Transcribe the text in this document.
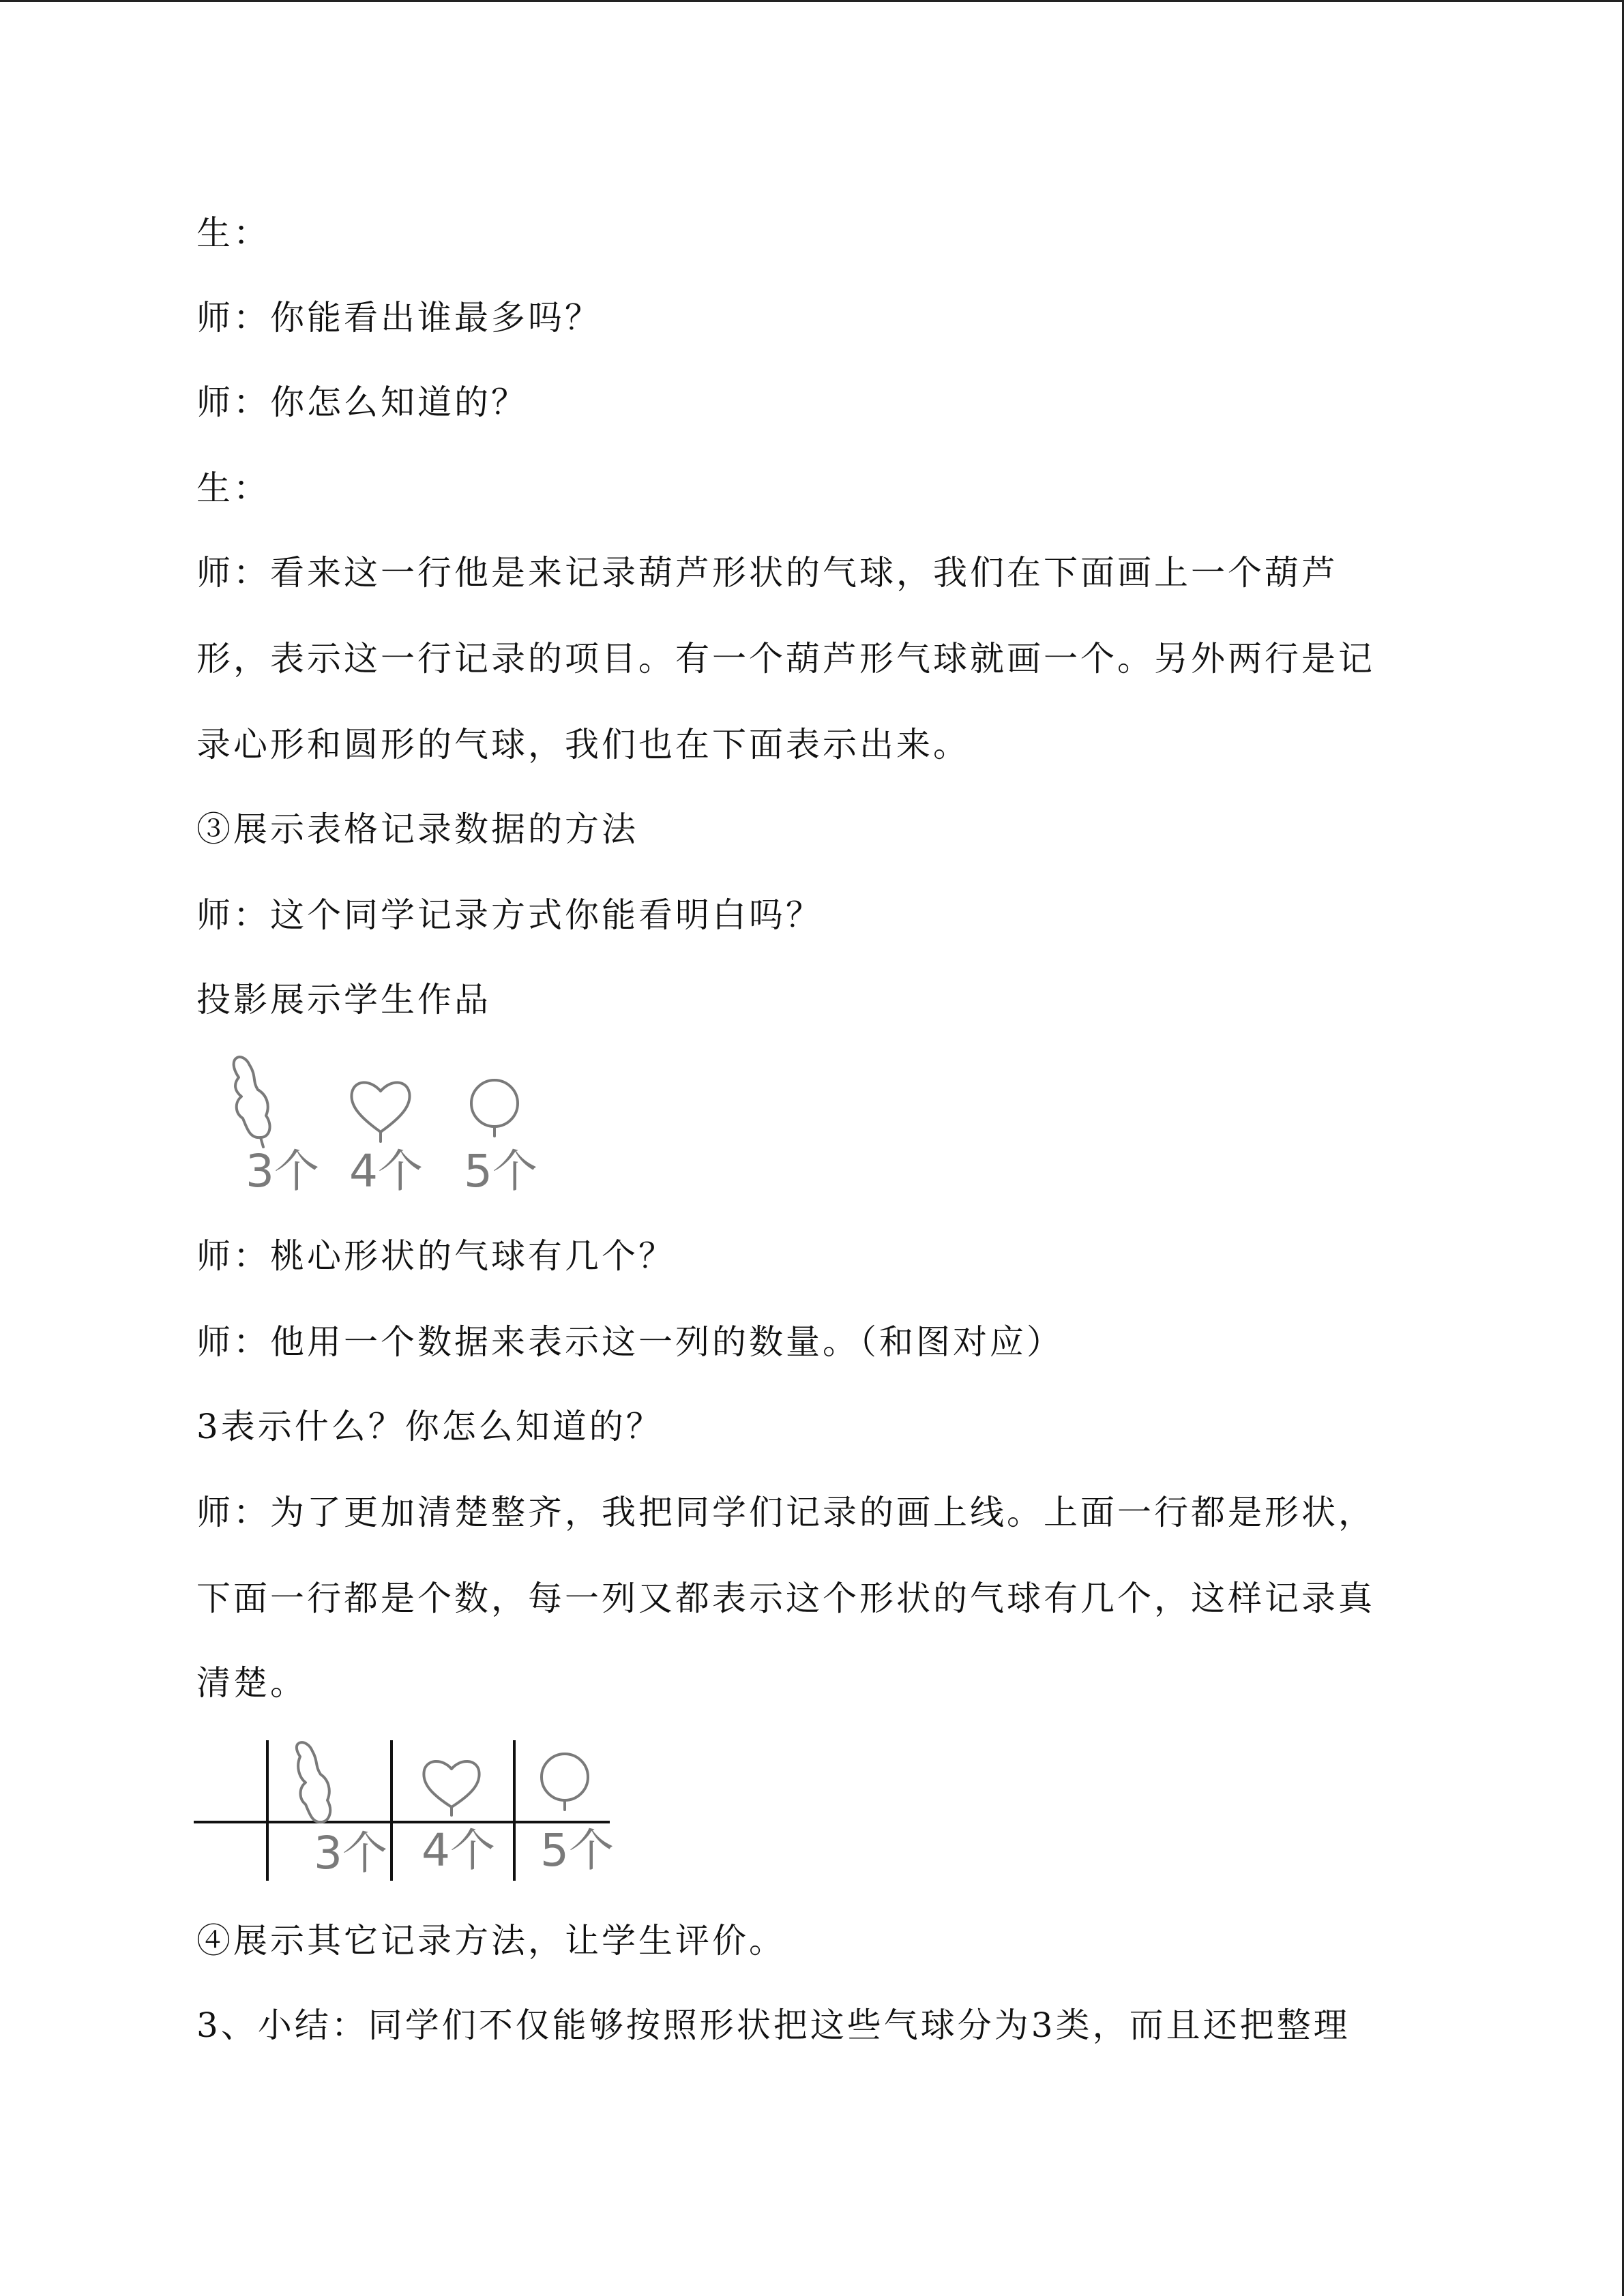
生：

师：你能看出谁最多吗？

师：你怎么知道的？

生：

师：看来这一行他是来记录葫芦形状的气球，我们在下面画上一个葫芦

形，表示这一行记录的项目。有一个葫芦形气球就画一个。另外两行是记

录心形和圆形的气球，我们也在下面表示出来。

③展示表格记录数据的方法

师：这个同学记录方式你能看明白吗？

投影展示学生作品

3个 4个 5个

师：桃心形状的气球有几个？

师：他用一个数据来表示这一列的数量。（和图对应）

3表示什么？你怎么知道的？

师：为了更加清楚整齐，我把同学们记录的画上线。上面一行都是形状，

下面一行都是个数，每一列又都表示这个形状的气球有几个，这样记录真

清楚。

3个 4个 5个

④展示其它记录方法，让学生评价。

3、小结：同学们不仅能够按照形状把这些气球分为3类，而且还把整理
